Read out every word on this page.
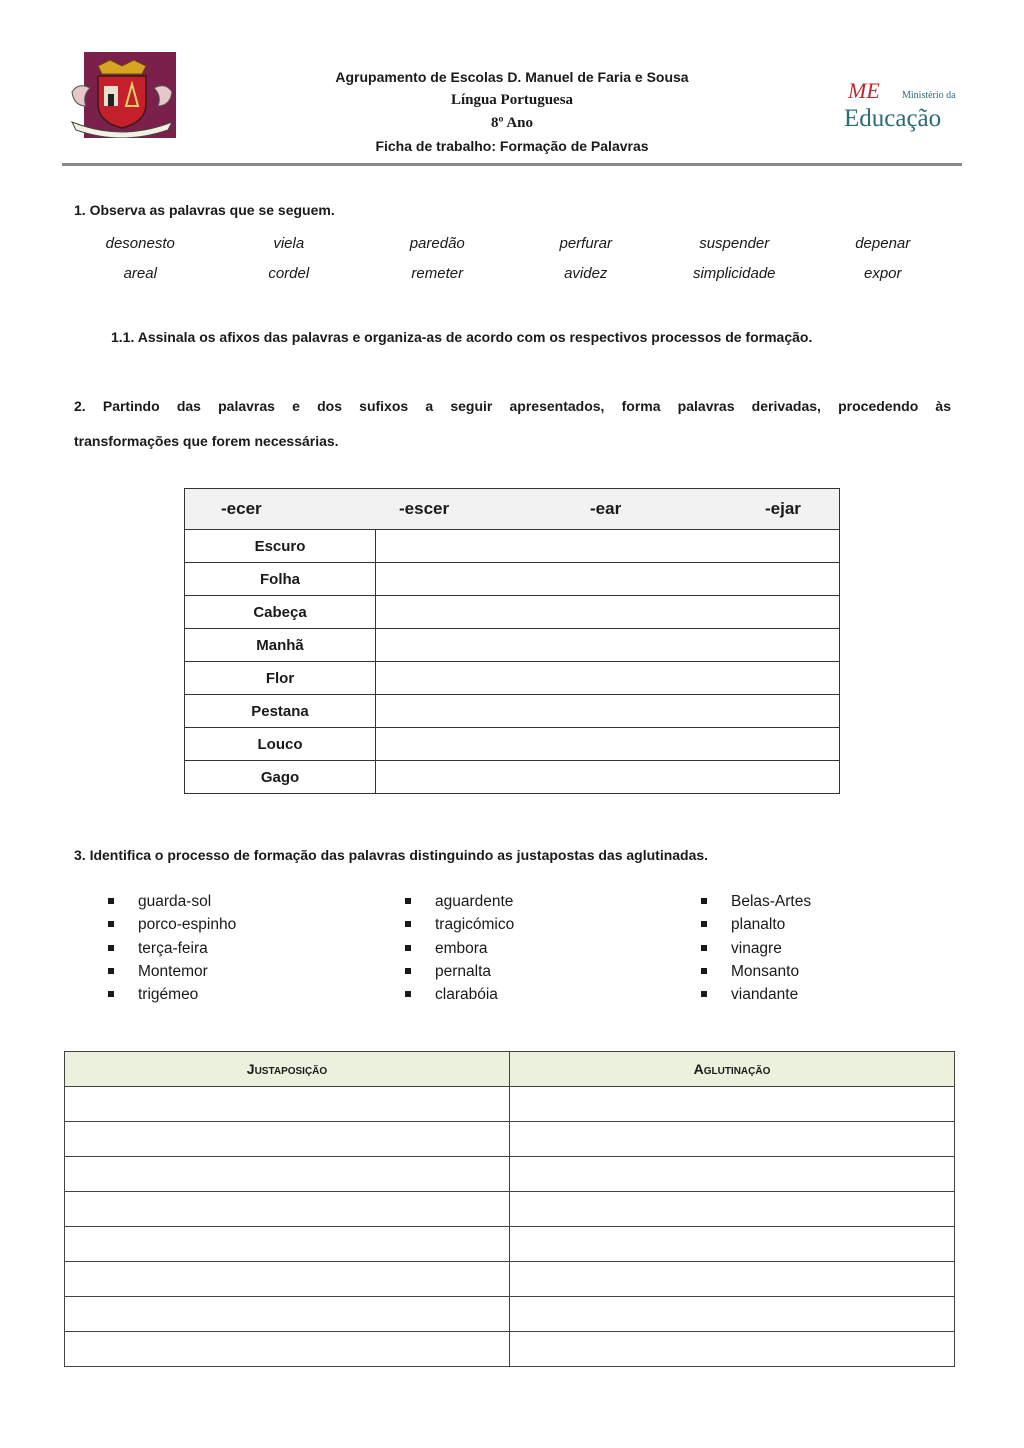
ME Ministério da
Educação
Agrupamento de Escolas D. Manuel de Faria e Sousa
Língua Portuguesa
8º Ano
Ficha de trabalho: Formação de Palavras
1. Observa as palavras que se seguem.
desonesto	viela	paredão	perfurar	suspender	depenar
areal	cordel	remeter	avidez	simplicidade	expor
1.1. Assinala os afixos das palavras e organiza-as de acordo com os respectivos processos de formação.
2. Partindo das palavras e dos sufixos a seguir apresentados, forma palavras derivadas, procedendo às
transformações que forem necessárias.
-ecer -escer -ear -ejar	

Escuro	
Folha	
Cabeça	
Manhã	
Flor	
Pestana	
Louco	
Gago	
3. Identifica o processo de formação das palavras distinguindo as justapostas das aglutinadas.
guarda-sol
porco-espinho
terça-feira
Montemor
trigémeo
aguardente
tragicómico
embora
pernalta
clarabóia
Belas-Artes
planalto
vinagre
Monsanto
viandante
Justaposição	Aglutinação
